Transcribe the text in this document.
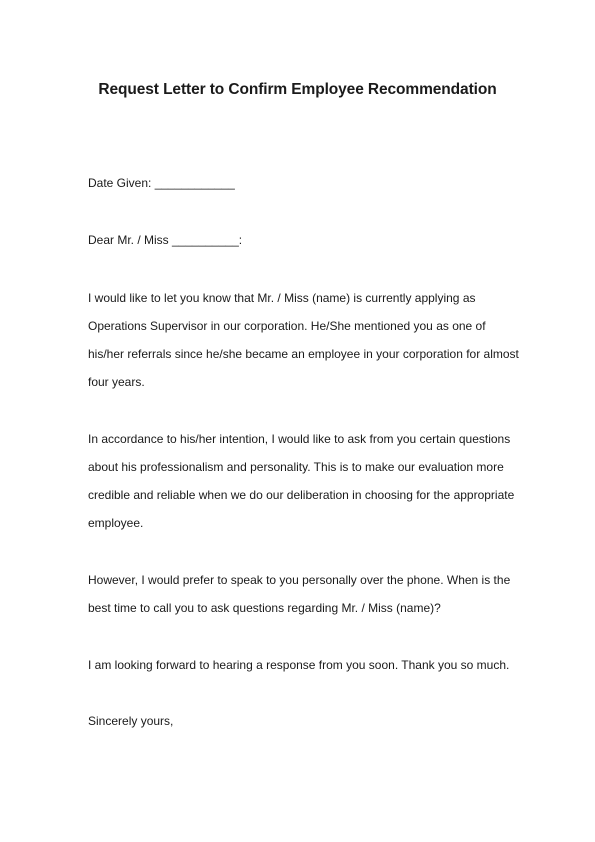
Request Letter to Confirm Employee Recommendation

Date Given: ____________

Dear Mr. / Miss __________:

I would like to let you know that Mr. / Miss (name) is currently applying as

Operations Supervisor in our corporation. He/She mentioned you as one of

his/her referrals since he/she became an employee in your corporation for almost

four years.

In accordance to his/her intention, I would like to ask from you certain questions

about his professionalism and personality. This is to make our evaluation more

credible and reliable when we do our deliberation in choosing for the appropriate

employee.

However, I would prefer to speak to you personally over the phone. When is the

best time to call you to ask questions regarding Mr. / Miss (name)?

I am looking forward to hearing a response from you soon. Thank you so much.

Sincerely yours,
